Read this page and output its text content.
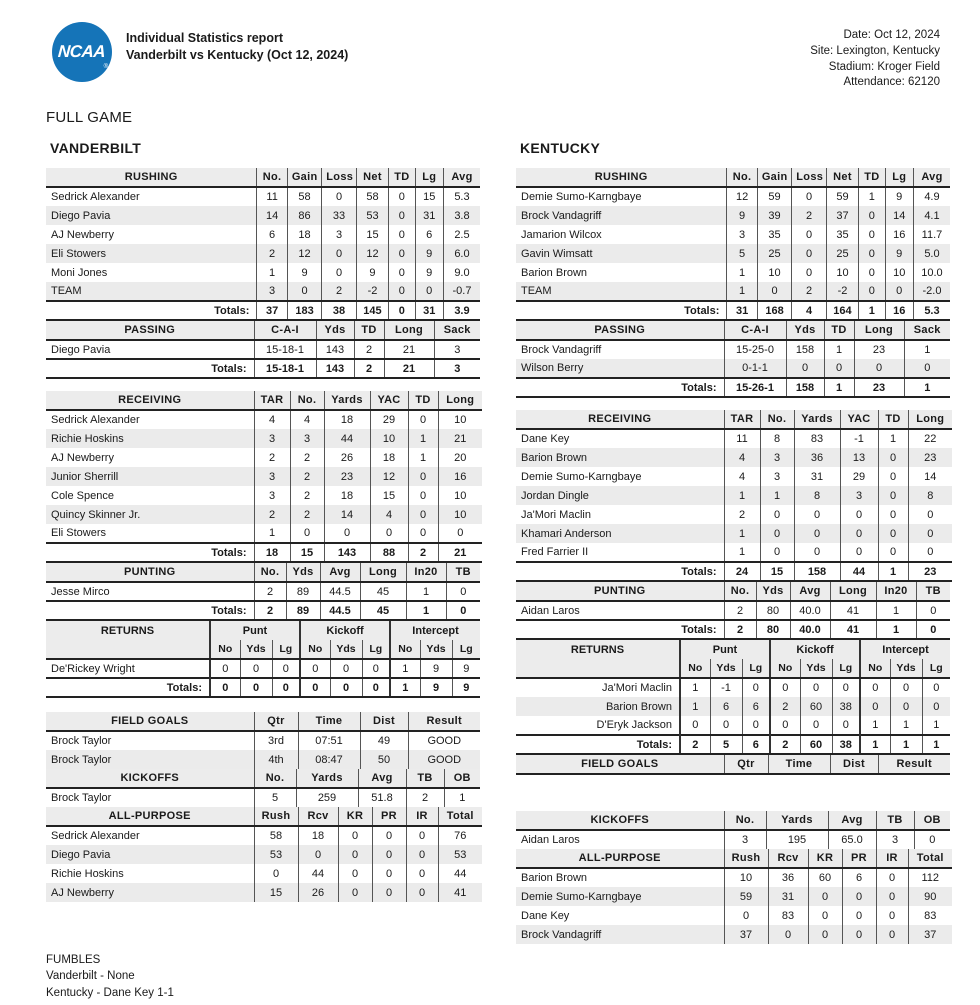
NCAA
®
Individual Statistics report
Vanderbilt vs Kentucky (Oct 12, 2024)
Date: Oct 12, 2024
Site: Lexington, Kentucky
Stadium: Kroger Field
Attendance: 62120
FULL GAME
VANDERBILT
RUSHING	No.	Gain	Loss	Net	TD	Lg	Avg
Sedrick Alexander	11	58	0	58	0	15	5.3
Diego Pavia	14	86	33	53	0	31	3.8
AJ Newberry	6	18	3	15	0	6	2.5
Eli Stowers	2	12	0	12	0	9	6.0
Moni Jones	1	9	0	9	0	9	9.0
TEAM	3	0	2	-2	0	0	-0.7
Totals:	37	183	38	145	0	31	3.9
PASSING	C-A-I	Yds	TD	Long	Sack
Diego Pavia	15-18-1	143	2	21	3
Totals:	15-18-1	143	2	21	3
RECEIVING	TAR	No.	Yards	YAC	TD	Long
Sedrick Alexander	4	4	18	29	0	10
Richie Hoskins	3	3	44	10	1	21
AJ Newberry	2	2	26	18	1	20
Junior Sherrill	3	2	23	12	0	16
Cole Spence	3	2	18	15	0	10
Quincy Skinner Jr.	2	2	14	4	0	10
Eli Stowers	1	0	0	0	0	0
Totals:	18	15	143	88	2	21
PUNTING	No.	Yds	Avg	Long	In20	TB
Jesse Mirco	2	89	44.5	45	1	0
Totals:	2	89	44.5	45	1	0
RETURNS	Punt			Kickoff			Intercept		
	No	Yds	Lg	No	Yds	Lg	No	Yds	Lg
De'Rickey Wright	0	0	0	0	0	0	1	9	9
Totals:	0	0	0	0	0	0	1	9	9
FIELD GOALS	Qtr	Time	Dist	Result
Brock Taylor	3rd	07:51	49	GOOD
Brock Taylor	4th	08:47	50	GOOD
KICKOFFS	No.	Yards	Avg	TB	OB
Brock Taylor	5	259	51.8	2	1
ALL-PURPOSE	Rush	Rcv	KR	PR	IR	Total
Sedrick Alexander	58	18	0	0	0	76
Diego Pavia	53	0	0	0	0	53
Richie Hoskins	0	44	0	0	0	44
AJ Newberry	15	26	0	0	0	41
KENTUCKY
RUSHING	No.	Gain	Loss	Net	TD	Lg	Avg
Demie Sumo-Karngbaye	12	59	0	59	1	9	4.9
Brock Vandagriff	9	39	2	37	0	14	4.1
Jamarion Wilcox	3	35	0	35	0	16	11.7
Gavin Wimsatt	5	25	0	25	0	9	5.0
Barion Brown	1	10	0	10	0	10	10.0
TEAM	1	0	2	-2	0	0	-2.0
Totals:	31	168	4	164	1	16	5.3
PASSING	C-A-I	Yds	TD	Long	Sack
Brock Vandagriff	15-25-0	158	1	23	1
Wilson Berry	0-1-1	0	0	0	0
Totals:	15-26-1	158	1	23	1
RECEIVING	TAR	No.	Yards	YAC	TD	Long
Dane Key	11	8	83	-1	1	22
Barion Brown	4	3	36	13	0	23
Demie Sumo-Karngbaye	4	3	31	29	0	14
Jordan Dingle	1	1	8	3	0	8
Ja'Mori Maclin	2	0	0	0	0	0
Khamari Anderson	1	0	0	0	0	0
Fred Farrier II	1	0	0	0	0	0
Totals:	24	15	158	44	1	23
PUNTING	No.	Yds	Avg	Long	In20	TB
Aidan Laros	2	80	40.0	41	1	0
Totals:	2	80	40.0	41	1	0
RETURNS	Punt			Kickoff			Intercept		
	No	Yds	Lg	No	Yds	Lg	No	Yds	Lg
Ja'Mori Maclin	1	-1	0	0	0	0	0	0	0
Barion Brown	1	6	6	2	60	38	0	0	0
D'Eryk Jackson	0	0	0	0	0	0	1	1	1
Totals:	2	5	6	2	60	38	1	1	1
FIELD GOALS	Qtr	Time	Dist	Result
KICKOFFS	No.	Yards	Avg	TB	OB
Aidan Laros	3	195	65.0	3	0
ALL-PURPOSE	Rush	Rcv	KR	PR	IR	Total
Barion Brown	10	36	60	6	0	112
Demie Sumo-Karngbaye	59	31	0	0	0	90
Dane Key	0	83	0	0	0	83
Brock Vandagriff	37	0	0	0	0	37
FUMBLES
Vanderbilt - None
Kentucky - Dane Key 1-1
